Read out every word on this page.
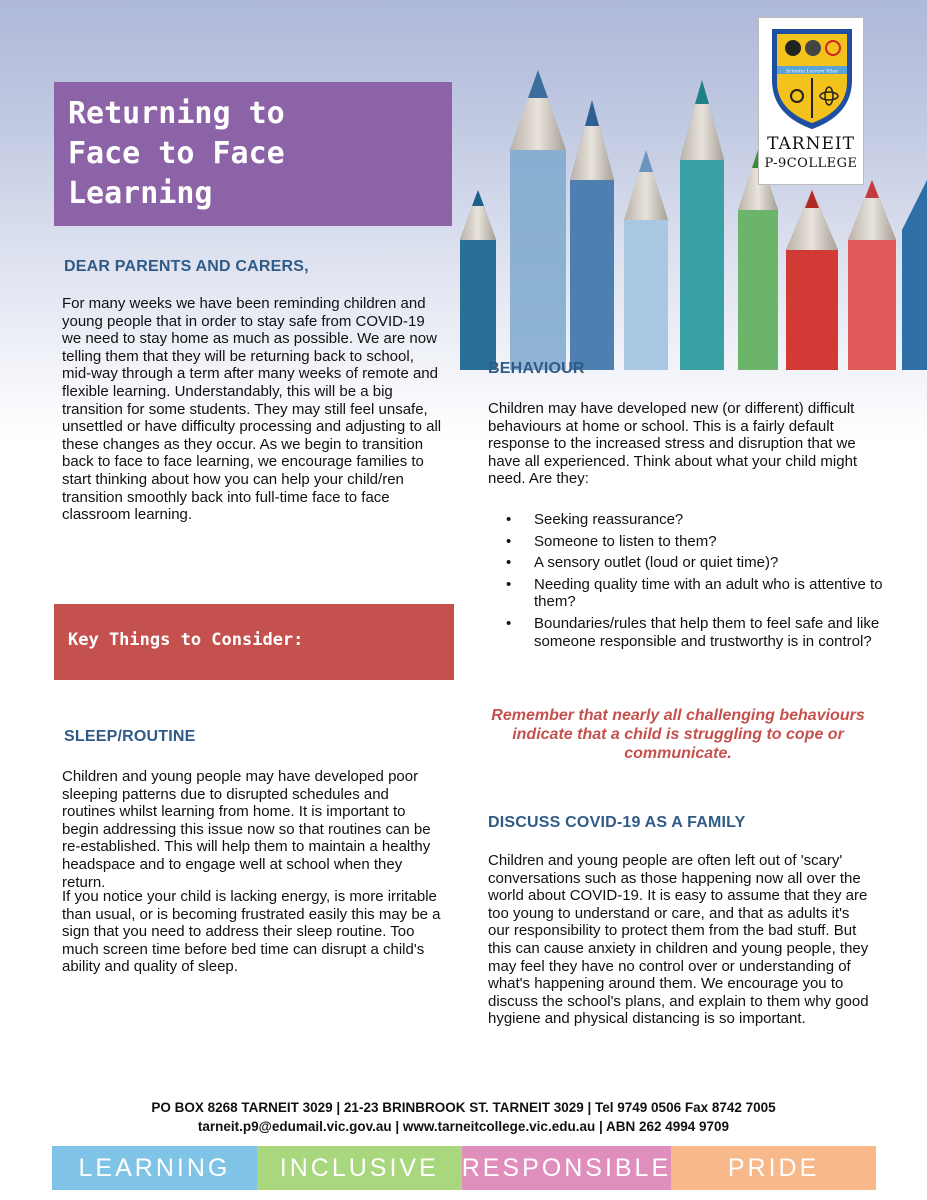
Returning to
Face to Face
Learning
Scientia Lucrum Vitae
TARNEIT
P-9COLLEGE
DEAR PARENTS AND CARERS,
For many weeks we have been reminding children and young people that in order to stay safe from COVID-19 we need to stay home as much as possible. We are now telling them that they will be returning back to school, mid-way through a term after many weeks of remote and flexible learning. Understandably, this will be a big transition for some students. They may still feel unsafe, unsettled or have difficulty processing and adjusting to all these changes as they occur. As we begin to transition back to face to face learning, we encourage families to start thinking about how you can help your child/ren transition smoothly back into full-time face to face classroom learning.
Key Things to Consider:
SLEEP/ROUTINE
Children and young people may have developed poor sleeping patterns due to disrupted schedules and routines whilst learning from home. It is important to begin addressing this issue now so that routines can be re-established. This will help them to maintain a healthy headspace and to engage well at school when they return.
If you notice your child is lacking energy, is more irritable than usual, or is becoming frustrated easily this may be a sign that you need to address their sleep routine. Too much screen time before bed time can disrupt a child's ability and quality of sleep.
BEHAVIOUR
Children may have developed new (or different) difficult behaviours at home or school. This is a fairly default response to the increased stress and disruption that we have all experienced. Think about what your child might need. Are they:
• Seeking reassurance?
• Someone to listen to them?
• A sensory outlet (loud or quiet time)?
• Needing quality time with an adult who is attentive to them?
• Boundaries/rules that help them to feel safe and like someone responsible and trustworthy is in control?
Remember that nearly all challenging behaviours indicate that a child is struggling to cope or communicate.
DISCUSS COVID-19 AS A FAMILY
Children and young people are often left out of 'scary' conversations such as those happening now all over the world about COVID-19. It is easy to assume that they are too young to understand or care, and that as adults it's our responsibility to protect them from the bad stuff. But this can cause anxiety in children and young people, they may feel they have no control over or understanding of what's happening around them. We encourage you to discuss the school's plans, and explain to them why good hygiene and physical distancing is so important.
PO BOX 8268 TARNEIT 3029 | 21-23 BRINBROOK ST. TARNEIT 3029 | Tel 9749 0506 Fax 8742 7005
tarneit.p9@edumail.vic.gov.au | www.tarneitcollege.vic.edu.au | ABN 262 4994 9709
LEARNING	INCLUSIVE RESPONSIBLE	PRIDE
